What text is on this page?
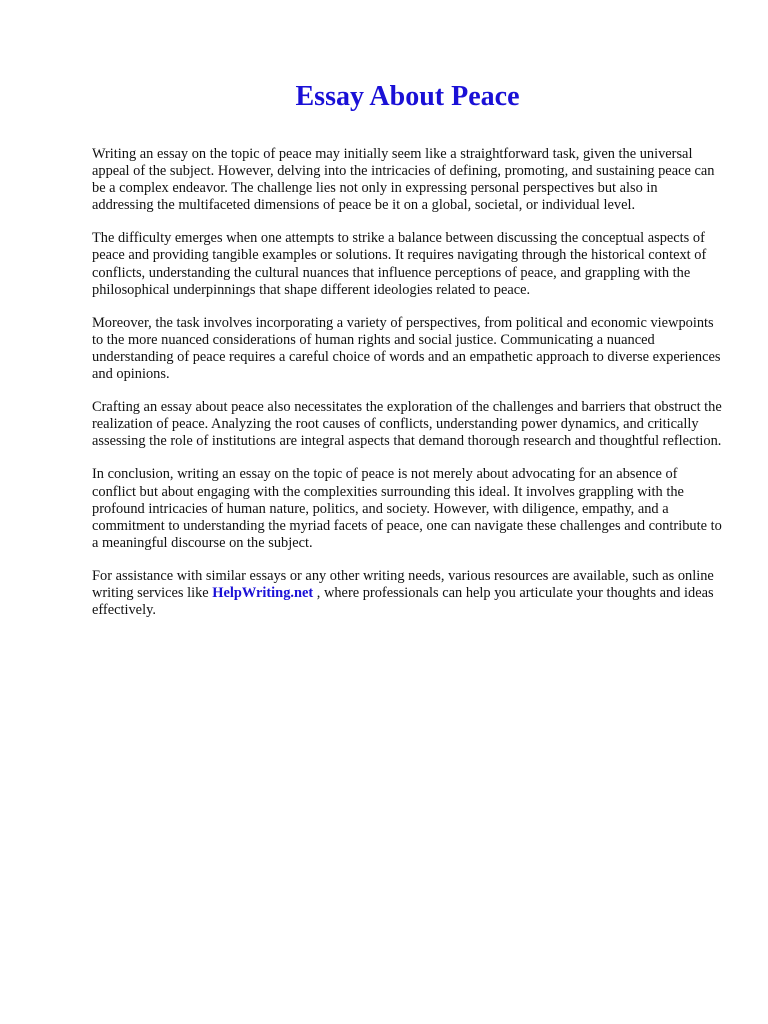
Essay About Peace

Writing an essay on the topic of peace may initially seem like a straightforward task, given the universal appeal of the subject. However, delving into the intricacies of defining, promoting, and sustaining peace can be a complex endeavor. The challenge lies not only in expressing personal perspectives but also in addressing the multifaceted dimensions of peace be it on a global, societal, or individual level.

The difficulty emerges when one attempts to strike a balance between discussing the conceptual aspects of peace and providing tangible examples or solutions. It requires navigating through the historical context of conflicts, understanding the cultural nuances that influence perceptions of peace, and grappling with the philosophical underpinnings that shape different ideologies related to peace.

Moreover, the task involves incorporating a variety of perspectives, from political and economic viewpoints to the more nuanced considerations of human rights and social justice. Communicating a nuanced understanding of peace requires a careful choice of words and an empathetic approach to diverse experiences and opinions.

Crafting an essay about peace also necessitates the exploration of the challenges and barriers that obstruct the realization of peace. Analyzing the root causes of conflicts, understanding power dynamics, and critically assessing the role of institutions are integral aspects that demand thorough research and thoughtful reflection.

In conclusion, writing an essay on the topic of peace is not merely about advocating for an absence of conflict but about engaging with the complexities surrounding this ideal. It involves grappling with the profound intricacies of human nature, politics, and society. However, with diligence, empathy, and a commitment to understanding the myriad facets of peace, one can navigate these challenges and contribute to a meaningful discourse on the subject.

For assistance with similar essays or any other writing needs, various resources are available, such as online writing services like HelpWriting.net , where professionals can help you articulate your thoughts and ideas effectively.
